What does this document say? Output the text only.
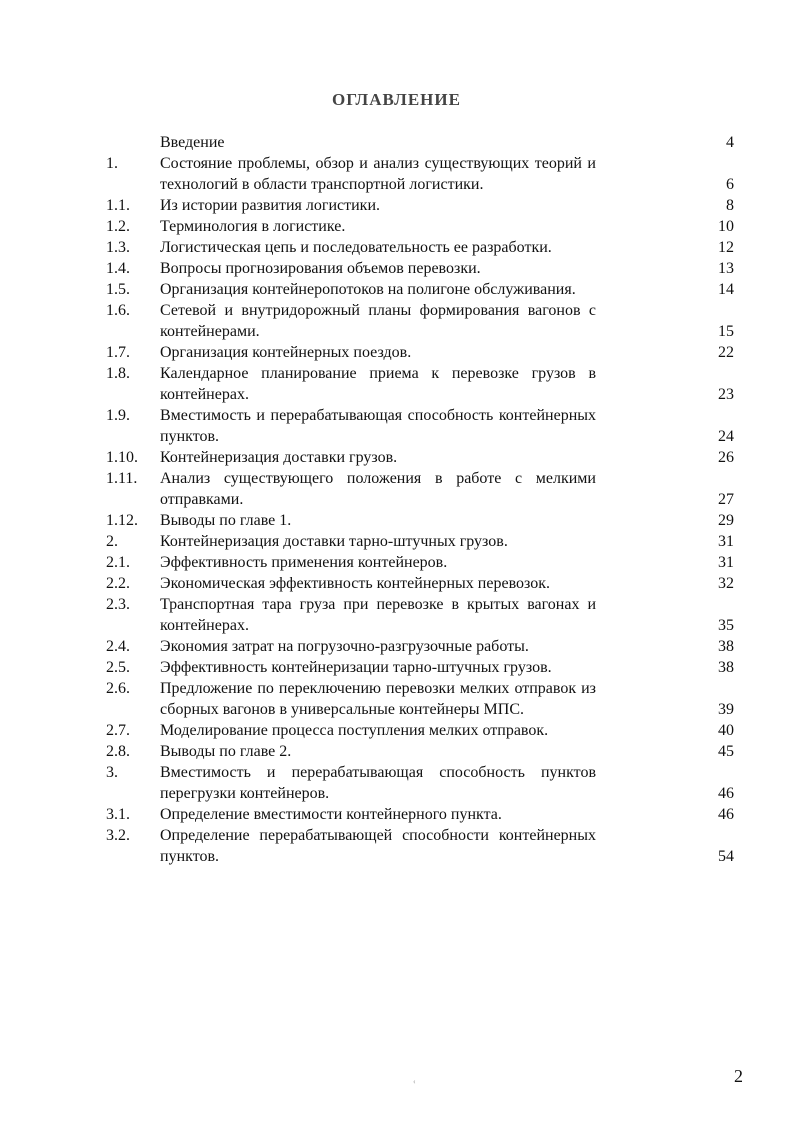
ОГЛАВЛЕНИЕ
Введение	4
1.	Состояние проблемы, обзор и анализ существующих теорий и технологий в области транспортной логистики.	6
1.1.	Из истории развития логистики.	8
1.2.	Терминология в логистике.	10
1.3.	Логистическая цепь и последовательность ее разработки.	12
1.4.	Вопросы прогнозирования объемов перевозки.	13
1.5.	Организация контейнеропотоков на полигоне обслуживания.	14
1.6.	Сетевой и внутридорожный планы формирования вагонов с контейнерами.	15
1.7.	Организация контейнерных поездов.	22
1.8.	Календарное планирование приема к перевозке грузов в контейнерах.	23
1.9.	Вместимость и перерабатывающая способность контейнерных пунктов.	24
1.10.	Контейнеризация доставки грузов.	26
1.11.	Анализ существующего положения в работе с мелкими отправками.	27
1.12.	Выводы по главе 1.	29
2.	Контейнеризация доставки тарно-штучных грузов.	31
2.1.	Эффективность применения контейнеров.	31
2.2.	Экономическая эффективность контейнерных перевозок.	32
2.3.	Транспортная тара груза при перевозке в крытых вагонах и контейнерах.	35
2.4.	Экономия затрат на погрузочно-разгрузочные работы.	38
2.5.	Эффективность контейнеризации тарно-штучных грузов.	38
2.6.	Предложение по переключению перевозки мелких отправок из сборных вагонов в универсальные контейнеры МПС.	39
2.7.	Моделирование процесса поступления мелких отправок.	40
2.8.	Выводы по главе 2.	45
3.	Вместимость и перерабатывающая способность пунктов перегрузки контейнеров.	46
3.1.	Определение вместимости контейнерного пункта.	46
3.2.	Определение перерабатывающей способности контейнерных пунктов.	54
‹	2
